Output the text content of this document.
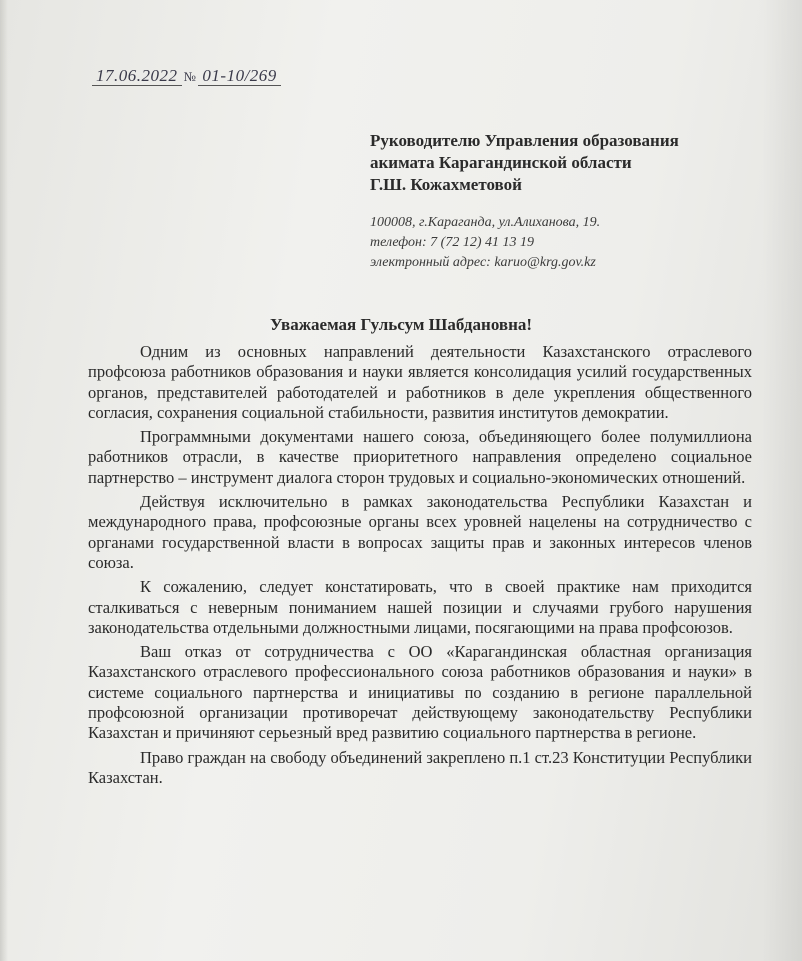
17.06.2022 № 01-10/269
Руководителю Управления образования
акимата Карагандинской области
Г.Ш. Кожахметовой
100008, г.Караганда, ул.Алиханова, 19.
телефон: 7 (72 12) 41 13 19
электронный адрес: karuo@krg.gov.kz
Уважаемая Гульсум Шабдановна!

Одним из основных направлений деятельности Казахстанского отраслевого профсоюза работников образования и науки является консолидация усилий государственных органов, представителей работодателей и работников в деле укрепления общественного согласия, сохранения социальной стабильности, развития институтов демократии.

Программными документами нашего союза, объединяющего более полумиллиона работников отрасли, в качестве приоритетного направления определено социальное партнерство – инструмент диалога сторон трудовых и социально-экономических отношений.

Действуя исключительно в рамках законодательства Республики Казахстан и международного права, профсоюзные органы всех уровней нацелены на сотрудничество с органами государственной власти в вопросах защиты прав и законных интересов членов союза.

К сожалению, следует констатировать, что в своей практике нам приходится сталкиваться с неверным пониманием нашей позиции и случаями грубого нарушения законодательства отдельными должностными лицами, посягающими на права профсоюзов.

Ваш отказ от сотрудничества с ОО «Карагандинская областная организация Казахстанского отраслевого профессионального союза работников образования и науки» в системе социального партнерства и инициативы по созданию в регионе параллельной профсоюзной организации противоречат действующему законодательству Республики Казахстан и причиняют серьезный вред развитию социального партнерства в регионе.

Право граждан на свободу объединений закреплено п.1 ст.23 Конституции Республики Казахстан.
